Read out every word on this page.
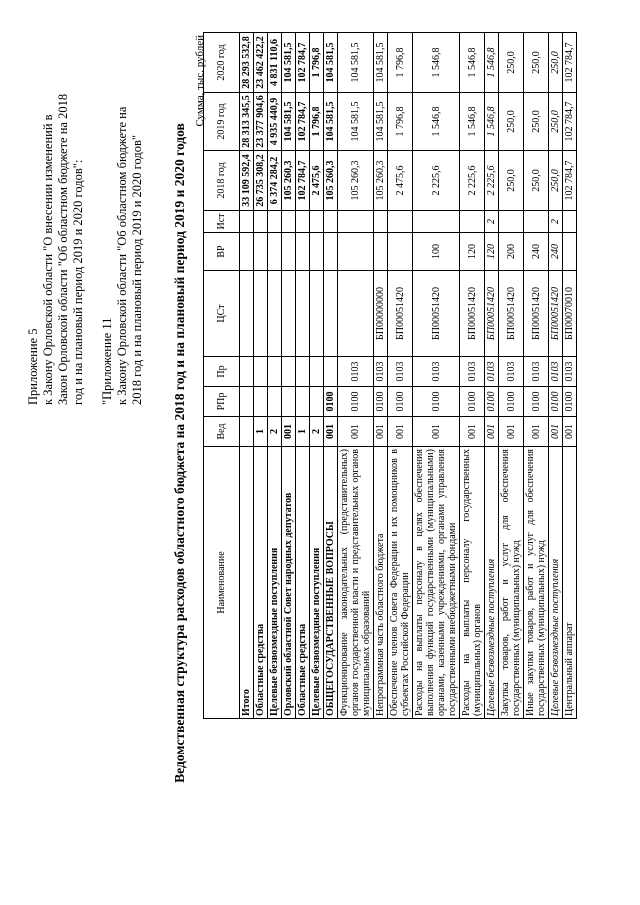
Приложение 5 к Закону Орловской области "О внесении изменений в Закон Орловской области "Об областном бюджете на 2018 год и на плановый период 2019 и 2020 годов": "Приложение 11 к Закону Орловской области "Об областном бюджете на 2018 год и на плановый период 2019 и 2020 годов" Ведомственная структура расходов областного бюджета на 2018 год и на плановый период 2019 и 2020 годов
Сумма, тыс. рублей
Наименование	Вед	РПр	Пр	ЦСт	ВР	Ист	2018 год	2019 год	2020 год
Итого							33 109 592,4	28 313 345,5	28 293 532,8
Областные средства	1						26 735 308,2	23 377 904,6	23 462 422,2
Целевые безвозмездные поступления	2						6 374 284,2	4 935 440,9	4 831 110,6
Орловский областной Совет народных депутатов	001						105 260,3	104 581,5	104 581,5
Областные средства	1						102 784,7	102 784,7	102 784,7
Целевые безвозмездные поступления	2						2 475,6	1 796,8	1 796,8
ОБЩЕГОСУДАРСТВЕННЫЕ ВОПРОСЫ	001	0100					105 260,3	104 581,5	104 581,5
Функционирование законодательных (представительных) органов государственной власти и представительных органов муниципальных образований	001	0100	0103				105 260,3	104 581,5	104 581,5
Непрограммная часть областного бюджета	001	0100	0103	БП00000000			105 260,3	104 581,5	104 581,5
Обеспечение членов Совета Федерации и их помощников в субъектах Российской Федерации	001	0100	0103	БП00051420			2 475,6	1 796,8	1 796,8
Расходы на выплаты персоналу в целях обеспечения выполнения функций государственными (муниципальными) органами, казенными учреждениями, органами управления государственными внебюджетными фондами	001	0100	0103	БП00051420	100		2 225,6	1 546,8	1 546,8
Расходы на выплаты персоналу государственных (муниципальных) органов	001	0100	0103	БП00051420	120		2 225,6	1 546,8	1 546,8
Целевые безвозмездные поступления	001	0100	0103	БП00051420	120	2	2 225,6	1 546,8	1 546,8
Закупка товаров, работ и услуг для обеспечения государственных (муниципальных) нужд	001	0100	0103	БП00051420	200		250,0	250,0	250,0
Иные закупки товаров, работ и услуг для обеспечения государственных (муниципальных) нужд	001	0100	0103	БП00051420	240		250,0	250,0	250,0
Целевые безвозмездные поступления	001	0100	0103	БП00051420	240	2	250,0	250,0	250,0
Центральный аппарат	001	0100	0103	БП00070010			102 784,7	102 784,7	102 784,7
